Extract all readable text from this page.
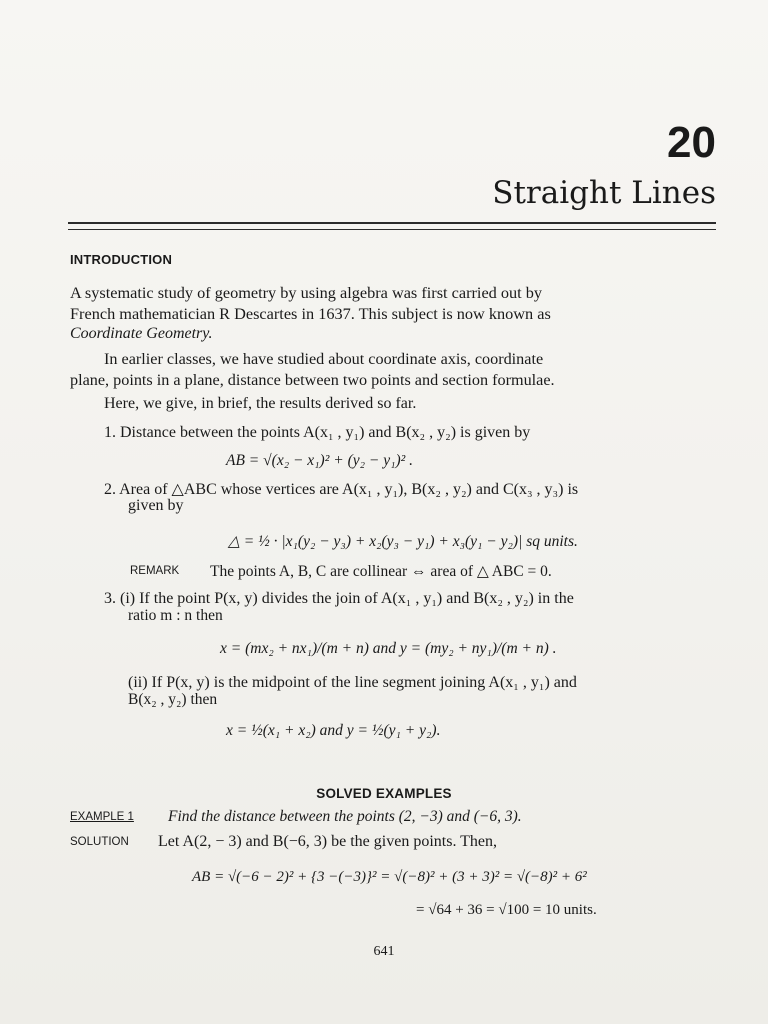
20
Straight Lines
INTRODUCTION
A systematic study of geometry by using algebra was first carried out by
French mathematician R Descartes in 1637. This subject is now known as
Coordinate Geometry.
In earlier classes, we have studied about coordinate axis, coordinate
plane, points in a plane, distance between two points and section formulae.
Here, we give, in brief, the results derived so far.
1. Distance between the points A(x₁ , y₁) and B(x₂ , y₂) is given by
AB = √(x₂ − x₁)² + (y₂ − y₁)² .
2. Area of △ABC whose vertices are A(x₁ , y₁), B(x₂ , y₂) and C(x₃ , y₃) is
given by
△ = ½ · |x₁(y₂ − y₃) + x₂(y₃ − y₁) + x₃(y₁ − y₂)| sq units.
REMARK The points A, B, C are collinear ⇔ area of △ ABC = 0.
3. (i) If the point P(x, y) divides the join of A(x₁ , y₁) and B(x₂ , y₂) in the
ratio m : n then
x = (mx₂ + nx₁)/(m + n) and y = (my₂ + ny₁)/(m + n) .
(ii) If P(x, y) is the midpoint of the line segment joining A(x₁ , y₁) and
B(x₂ , y₂) then
x = ½(x₁ + x₂) and y = ½(y₁ + y₂).
SOLVED EXAMPLES
EXAMPLE 1 Find the distance between the points (2, −3) and (−6, 3).
SOLUTION Let A(2, − 3) and B(−6, 3) be the given points. Then,
AB = √(−6 − 2)² + {3 −(−3)}² = √(−8)² + (3 + 3)² = √(−8)² + 6²
= √64 + 36 = √100 = 10 units.
641
